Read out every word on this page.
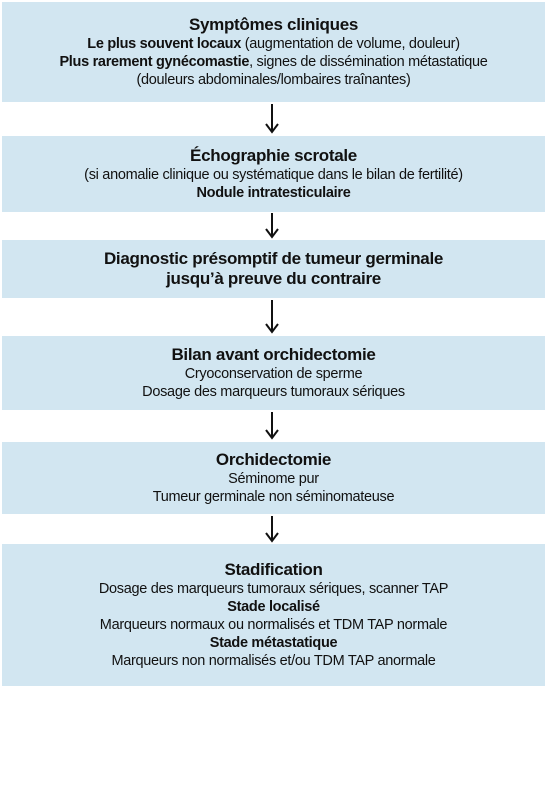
Symptômes cliniques
Le plus souvent locaux (augmentation de volume, douleur)
Plus rarement gynécomastie, signes de dissémination métastatique
(douleurs abdominales/lombaires traînantes)
Échographie scrotale
(si anomalie clinique ou systématique dans le bilan de fertilité)
Nodule intratesticulaire
Diagnostic présomptif de tumeur germinale
jusqu’à preuve du contraire
Bilan avant orchidectomie
Cryoconservation de sperme
Dosage des marqueurs tumoraux sériques
Orchidectomie
Séminome pur
Tumeur germinale non séminomateuse
Stadification
Dosage des marqueurs tumoraux sériques, scanner TAP
Stade localisé
Marqueurs normaux ou normalisés et TDM TAP normale
Stade métastatique
Marqueurs non normalisés et/ou TDM TAP anormale
